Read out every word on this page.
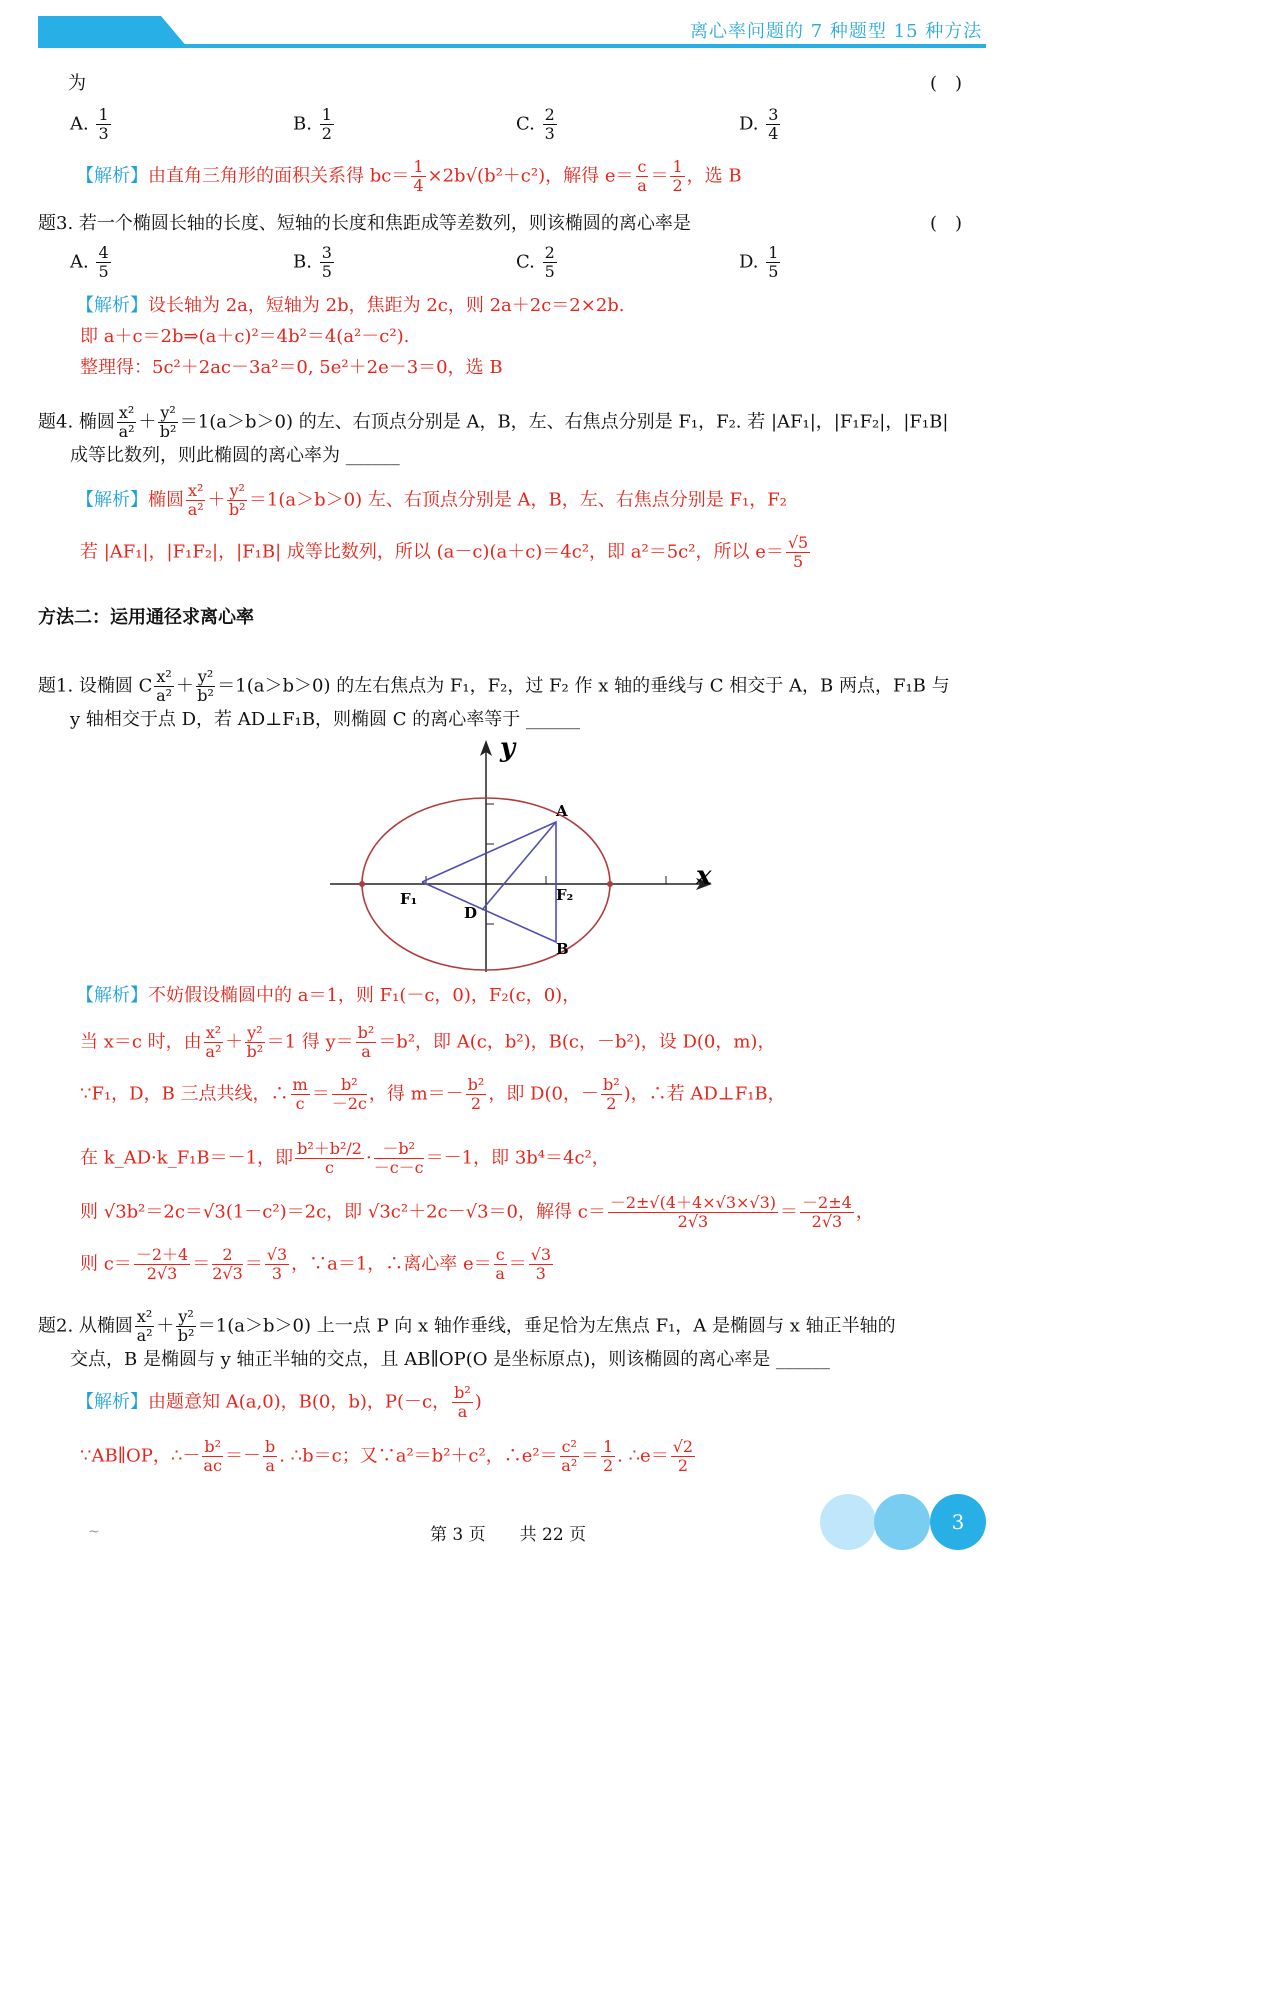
离心率问题的 7 种题型 15 种方法
为	(　)
A. $\frac{1}{3}$	B. $\frac{1}{2}$	C. $\frac{2}{3}$	D. $\frac{3}{4}$
【解析】由直角三角形的面积关系得 $bc= \frac{1}{4} \times 2b√(b^2+c^2)$，解得 $e= \frac{c}{a} = \frac{1}{2}$ ，选 B
题3. 若一个椭圆长轴的长度、短轴的长度和焦距成等差数列，则该椭圆的离心率是	(　)
A. $\frac{4}{5}$	B. $\frac{3}{5}$	C. $\frac{2}{5}$	D. $\frac{1}{5}$
【解析】设长轴为 2a，短轴为 2b，焦距为 2c，则 2a＋2c＝2×2b.
即 a＋c＝2b⇒(a＋c)²＝4b²＝4(a²－c²).
整理得：5c²＋2ac－3a²＝0, 5e²＋2e－3＝0，选 B
题4. 椭圆 $\frac{\text{x²}}{\text{a²}} + \frac{\text{y²}}{\text{b²}} =1(a>b>0)$ 的左、右顶点分别是 A，B，左、右焦点分别是 F₁，F₂. 若 |AF₁|，|F₁F₂|，|F₁B|
成等比数列，则此椭圆的离心率为 ______
【解析】椭圆 $\frac{\text{x²}}{\text{a²}} + \frac{\text{y²}}{\text{b²}} =1(a>b>0)$ 左、右顶点分别是 A，B，左、右焦点分别是 F₁，F₂
若 |AF₁|，|F₁F₂|，|F₁B| 成等比数列，所以 (a－c)(a＋c)＝4c²，即 a²＝5c²，所以 $e= \frac{√5}{5}$
方法二：运用通径求离心率
题1. 设椭圆 C $\frac{\text{x²}}{\text{a²}} + \frac{\text{y²}}{\text{b²}} =1(a>b>0)$ 的左右焦点为 F₁，F₂，过 F₂ 作 x 轴的垂线与 C 相交于 A，B 两点，F₁B 与
y 轴相交于点 D，若 AD⊥F₁B，则椭圆 C 的离心率等于 ______
x
y
A
B
D
F₁	F₂
【解析】不妨假设椭圆中的 a＝1，则 F₁(－c，0)，F₂(c，0)，
当 x＝c 时，由 $\frac{\text{x²}}{\text{a²}} + \frac{\text{y²}}{\text{b²}} =1$ 得 $y= \frac{\text{b²}}{a} =b^2$，即 A(c，b²)，B(c，－b²)，设 D(0，m)，
∵F₁，D，B 三点共线，∴ $\frac{m}{c} = \frac{\text{b²}}{-2c}$ ，得 $m=- \frac{\text{b²}}{2}$ ，即 D(0，－ $\frac{\text{b²}}{2}$ )，∴若 AD⊥F₁B，
在 k_AD·k_F₁B＝－1，即 $\frac{\text{b²＋b²/2}}{c} \cdot \frac{\text{－b²}}{-c-c} =-1$，即 3b⁴＝4c²，
则 √3b²＝2c＝√3(1－c²)＝2c，即 √3c²＋2c－√3＝0，解得 $c= \frac{-2\pm√(4+4\times√3\times√3)}{2√3} = \frac{-2\pm 4}{2√3}$ ，
则 $c= \frac{-2+4}{2√3} = \frac{2}{2√3} = \frac{√3}{3}$ ，∵a＝1，∴离心率 $e= \frac{c}{a} = \frac{√3}{3}$
题2. 从椭圆 $\frac{\text{x²}}{\text{a²}} + \frac{\text{y²}}{\text{b²}} =1(a>b>0)$ 上一点 P 向 x 轴作垂线，垂足恰为左焦点 F₁，A 是椭圆与 x 轴正半轴的
交点，B 是椭圆与 y 轴正半轴的交点，且 AB∥OP(O 是坐标原点)，则该椭圆的离心率是 ______
【解析】由题意知 A(a,0)，B(0，b)，P(－c， $\frac{\text{b²}}{a}$ )
∵AB∥OP，∴－ $\frac{\text{b²}}{ac} =- \frac{b}{a}$ . ∴b＝c；又∵a²＝b²＋c²，∴e²＝ $\frac{\text{c²}}{\text{a²}} = \frac{1}{2}$ . ∴e＝ $\frac{√2}{2}$
~	第 3 页　　 共 22 页
3
